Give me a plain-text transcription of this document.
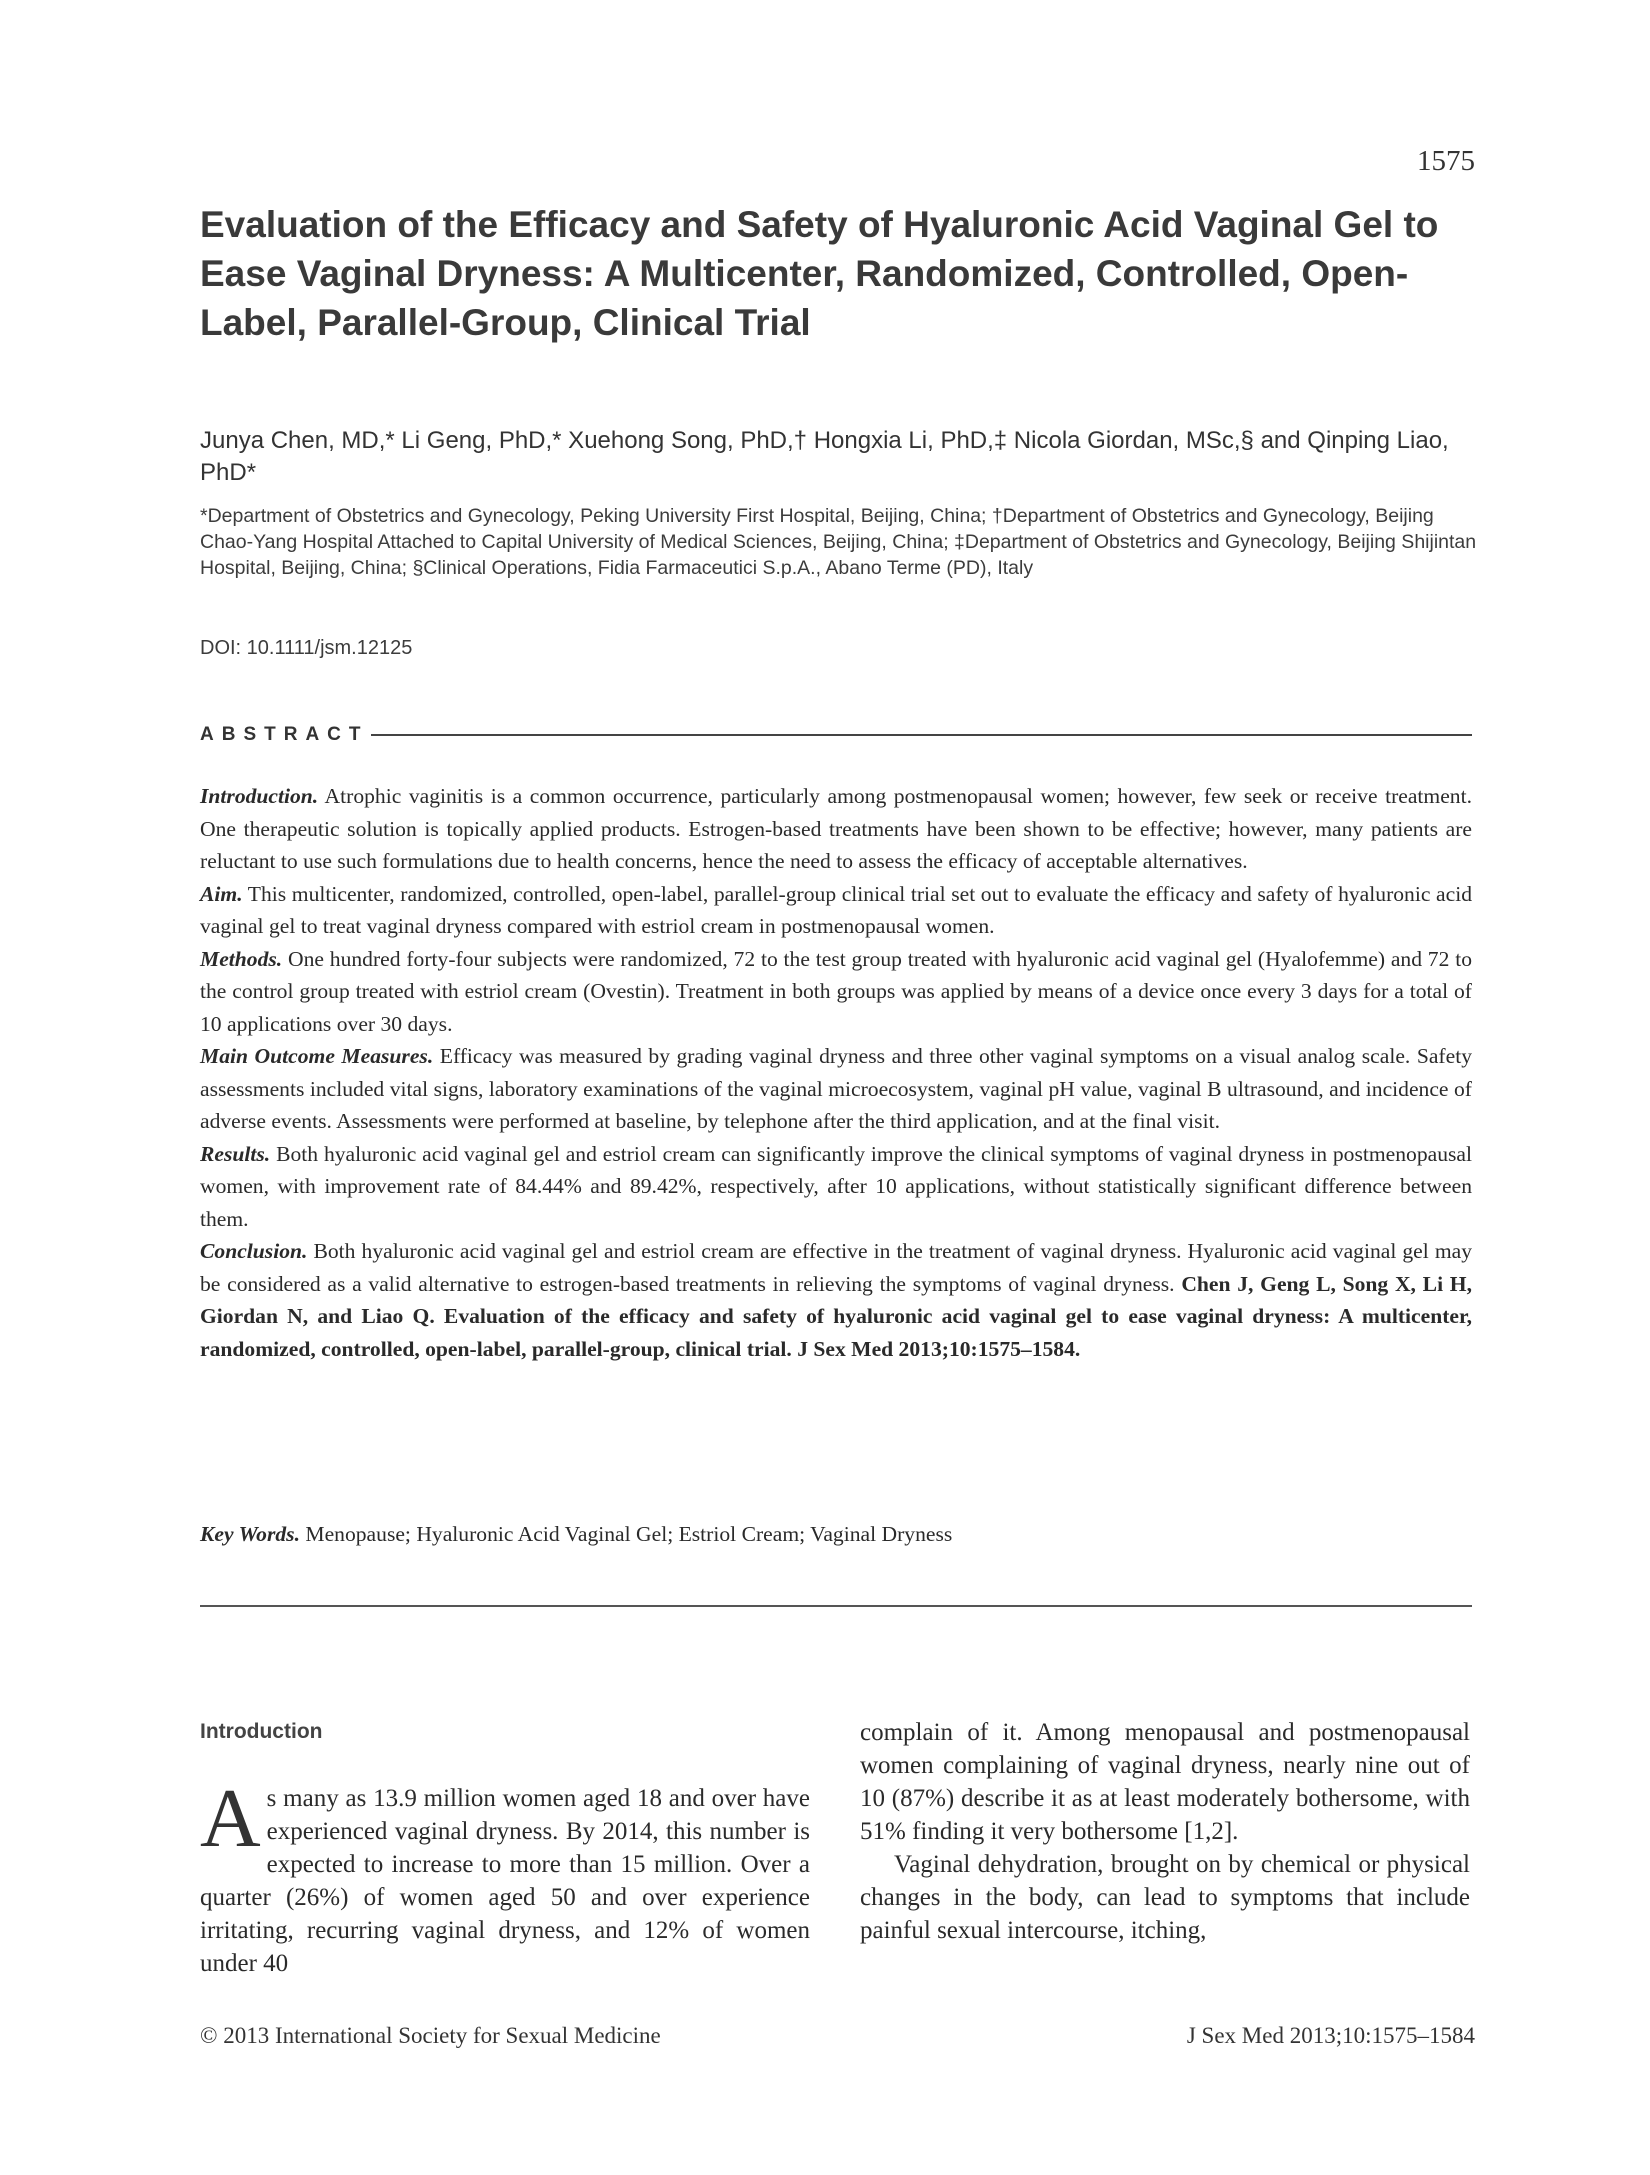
1575
Evaluation of the Efficacy and Safety of Hyaluronic Acid Vaginal Gel to Ease Vaginal Dryness: A Multicenter, Randomized, Controlled, Open-Label, Parallel-Group, Clinical Trial
Junya Chen, MD,* Li Geng, PhD,* Xuehong Song, PhD,† Hongxia Li, PhD,‡ Nicola Giordan, MSc,§ and Qinping Liao, PhD*
*Department of Obstetrics and Gynecology, Peking University First Hospital, Beijing, China; †Department of Obstetrics and Gynecology, Beijing Chao-Yang Hospital Attached to Capital University of Medical Sciences, Beijing, China; ‡Department of Obstetrics and Gynecology, Beijing Shijintan Hospital, Beijing, China; §Clinical Operations, Fidia Farmaceutici S.p.A., Abano Terme (PD), Italy
DOI: 10.1111/jsm.12125
ABSTRACT

Introduction. Atrophic vaginitis is a common occurrence, particularly among postmenopausal women; however, few seek or receive treatment. One therapeutic solution is topically applied products. Estrogen-based treatments have been shown to be effective; however, many patients are reluctant to use such formulations due to health concerns, hence the need to assess the efficacy of acceptable alternatives.

Aim. This multicenter, randomized, controlled, open-label, parallel-group clinical trial set out to evaluate the efficacy and safety of hyaluronic acid vaginal gel to treat vaginal dryness compared with estriol cream in postmenopausal women.

Methods. One hundred forty-four subjects were randomized, 72 to the test group treated with hyaluronic acid vaginal gel (Hyalofemme) and 72 to the control group treated with estriol cream (Ovestin). Treatment in both groups was applied by means of a device once every 3 days for a total of 10 applications over 30 days.

Main Outcome Measures. Efficacy was measured by grading vaginal dryness and three other vaginal symptoms on a visual analog scale. Safety assessments included vital signs, laboratory examinations of the vaginal microecosystem, vaginal pH value, vaginal B ultrasound, and incidence of adverse events. Assessments were performed at baseline, by telephone after the third application, and at the final visit.

Results. Both hyaluronic acid vaginal gel and estriol cream can significantly improve the clinical symptoms of vaginal dryness in postmenopausal women, with improvement rate of 84.44% and 89.42%, respectively, after 10 applications, without statistically significant difference between them.

Conclusion. Both hyaluronic acid vaginal gel and estriol cream are effective in the treatment of vaginal dryness. Hyaluronic acid vaginal gel may be considered as a valid alternative to estrogen-based treatments in relieving the symptoms of vaginal dryness. Chen J, Geng L, Song X, Li H, Giordan N, and Liao Q. Evaluation of the efficacy and safety of hyaluronic acid vaginal gel to ease vaginal dryness: A multicenter, randomized, controlled, open-label, parallel-group, clinical trial. J Sex Med 2013;10:1575–1584.

Key Words. Menopause; Hyaluronic Acid Vaginal Gel; Estriol Cream; Vaginal Dryness
Introduction

As many as 13.9 million women aged 18 and over have experienced vaginal dryness. By 2014, this number is expected to increase to more than 15 million. Over a quarter (26%) of women aged 50 and over experience irritating, recurring vaginal dryness, and 12% of women under 40

complain of it. Among menopausal and postmenopausal women complaining of vaginal dryness, nearly nine out of 10 (87%) describe it as at least moderately bothersome, with 51% finding it very bothersome [1,2].

Vaginal dehydration, brought on by chemical or physical changes in the body, can lead to symptoms that include painful sexual intercourse, itching,

© 2013 International Society for Sexual Medicine	J Sex Med 2013;10:1575–1584
